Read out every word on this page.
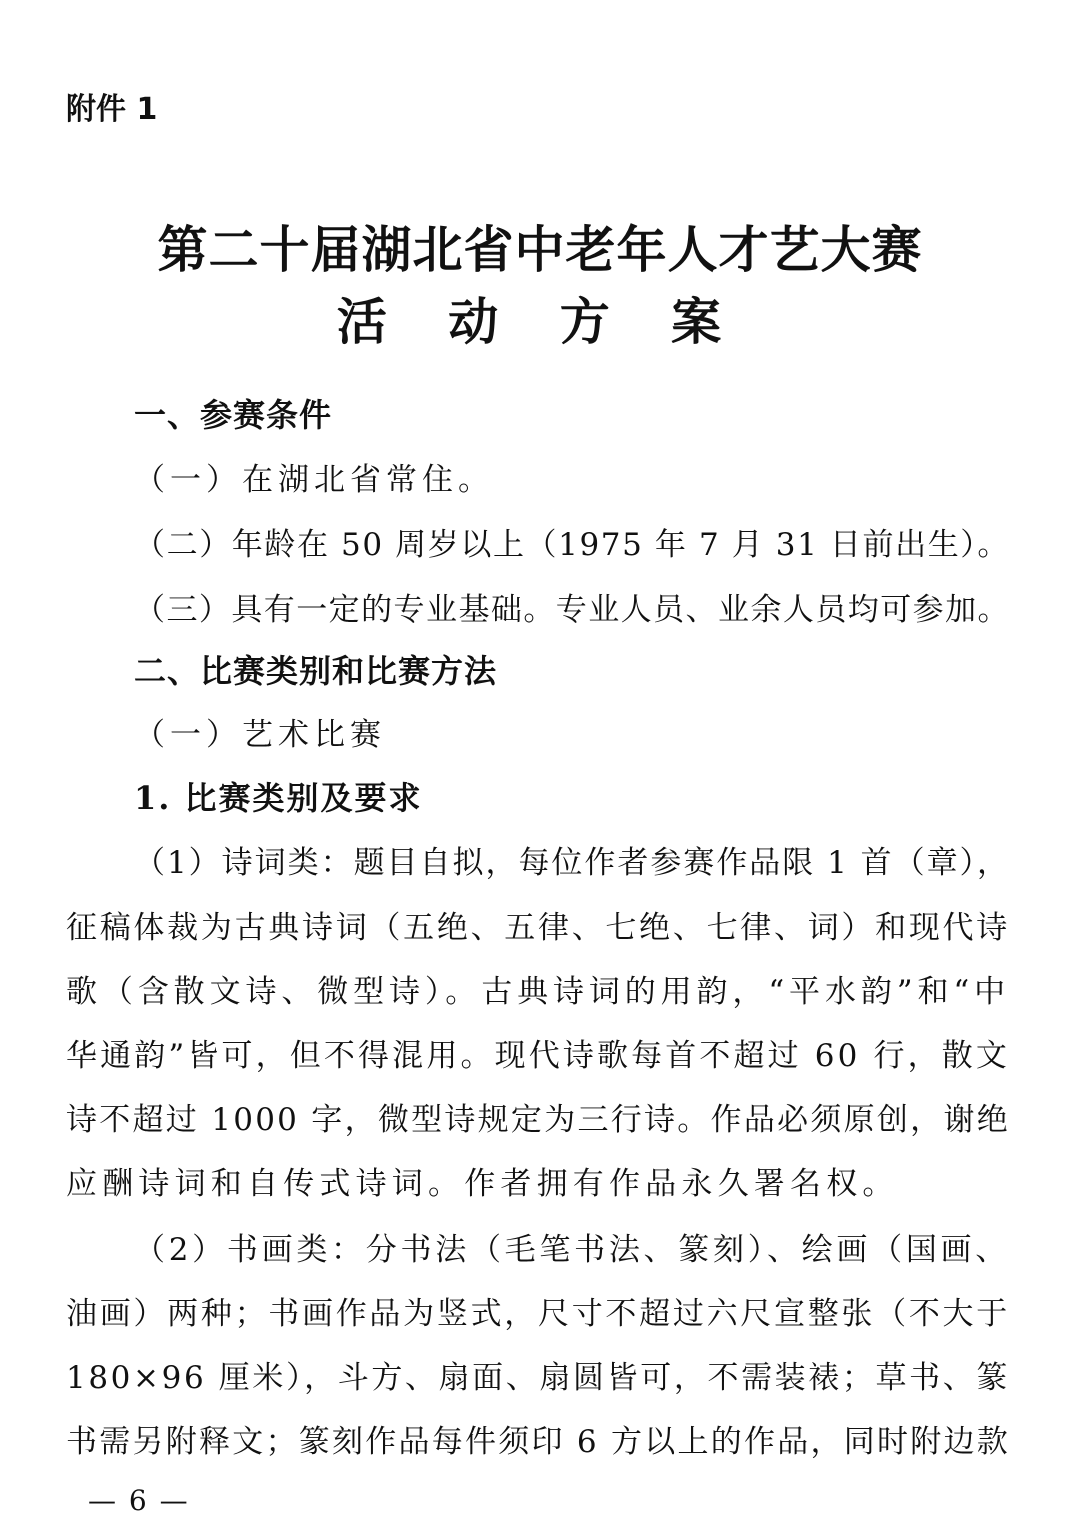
附件 1
第二十届湖北省中老年人才艺大赛
活 动 方 案
一、参赛条件
（一）在湖北省常住。
（二）年龄在 50 周岁以上（1975 年 7 月 31 日前出生）。
（三）具有一定的专业基础。专业人员、业余人员均可参加。
二、比赛类别和比赛方法
（一）艺术比赛
1. 比赛类别及要求
（1）诗词类：题目自拟，每位作者参赛作品限 1 首（章），
征稿体裁为古典诗词（五绝、五律、七绝、七律、词）和现代诗
歌（含散文诗、微型诗）。古典诗词的用韵，“平水韵”和“中
华通韵”皆可，但不得混用。现代诗歌每首不超过 60 行，散文
诗不超过 1000 字，微型诗规定为三行诗。作品必须原创，谢绝
应酬诗词和自传式诗词。作者拥有作品永久署名权。
（2）书画类：分书法（毛笔书法、篆刻）、绘画（国画、
油画）两种；书画作品为竖式，尺寸不超过六尺宣整张（不大于
180×96 厘米），斗方、扇面、扇圆皆可，不需装裱；草书、篆
书需另附释文；篆刻作品每件须印 6 方以上的作品，同时附边款
— 6 —
